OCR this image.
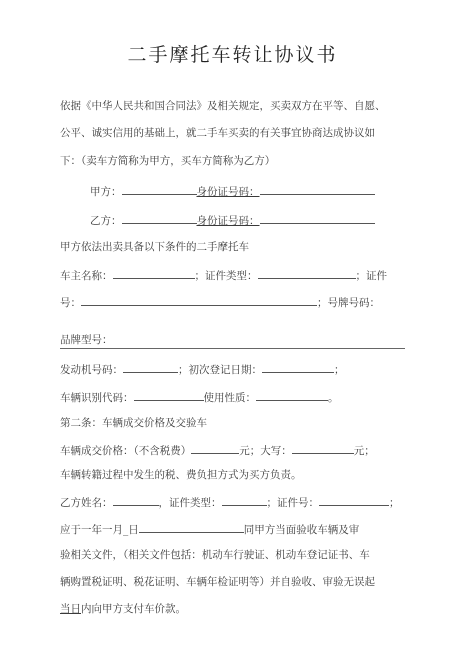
二手摩托车转让协议书
依据《中华人民共和国合同法》及相关规定，买卖双方在平等、自愿、
公平、诚实信用的基础上，就二手车买卖的有关事宜协商达成协议如
下：（卖车方简称为甲方，买车方简称为乙方）
甲方：	身份证号码：
乙方：	身份证号码：
甲方依法出卖具备以下条件的二手摩托车
车主名称：	；证件类型：	；证件
号：	；号牌号码：
品牌型号：
发动机号码：	；初次登记日期：	；
车辆识别代码：	使用性质：	。
第二条：车辆成交价格及交验车
车辆成交价格：（不含税费）	元；大写：	元；
车辆转籍过程中发生的税、费负担方式为买方负责。
乙方姓名：	，证件类型：	；证件号：	；
应于一年一月_日	同甲方当面验收车辆及审
验相关文件，（相关文件包括：机动车行驶证、机动车登记证书、车
辆购置税证明、税花证明、车辆年检证明等）并自验收、审验无误起
当日内向甲方支付车价款。
